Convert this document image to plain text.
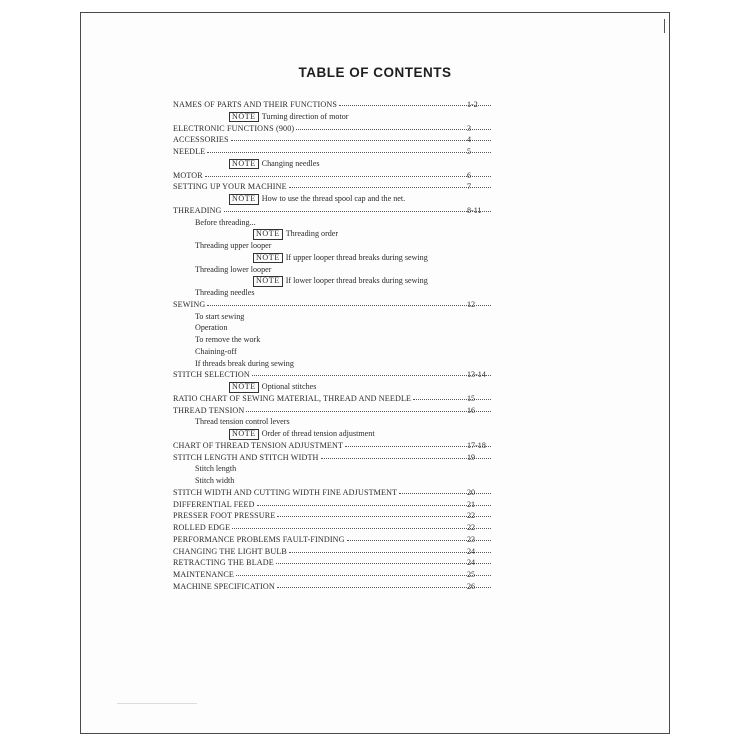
TABLE OF CONTENTS
NAMES OF PARTS AND THEIR FUNCTIONS	1-2
NOTE Turning direction of motor
ELECTRONIC FUNCTIONS (900)	3
ACCESSORIES	4
NEEDLE	5
NOTE Changing needles
MOTOR	6
SETTING UP YOUR MACHINE	7
NOTE How to use the thread spool cap and the net.
THREADING	8-11
Before threading...
NOTE Threading order
Threading upper looper
NOTE If upper looper thread breaks during sewing
Threading lower looper
NOTE If lower looper thread breaks during sewing
Threading needles
SEWING	12
To start sewing
Operation
To remove the work
Chaining-off
If threads break during sewing
STITCH SELECTION	13-14
NOTE Optional stitches
RATIO CHART OF SEWING MATERIAL, THREAD AND NEEDLE	15
THREAD TENSION	16
Thread tension control levers
NOTE Order of thread tension adjustment
CHART OF THREAD TENSION ADJUSTMENT	17-18
STITCH LENGTH AND STITCH WIDTH	19
Stitch length
Stitch width
STITCH WIDTH AND CUTTING WIDTH FINE ADJUSTMENT	20
DIFFERENTIAL FEED	21
PRESSER FOOT PRESSURE	22
ROLLED EDGE	22
PERFORMANCE PROBLEMS FAULT-FINDING	23
CHANGING THE LIGHT BULB	24
RETRACTING THE BLADE	24
MAINTENANCE	25
MACHINE SPECIFICATION	26
